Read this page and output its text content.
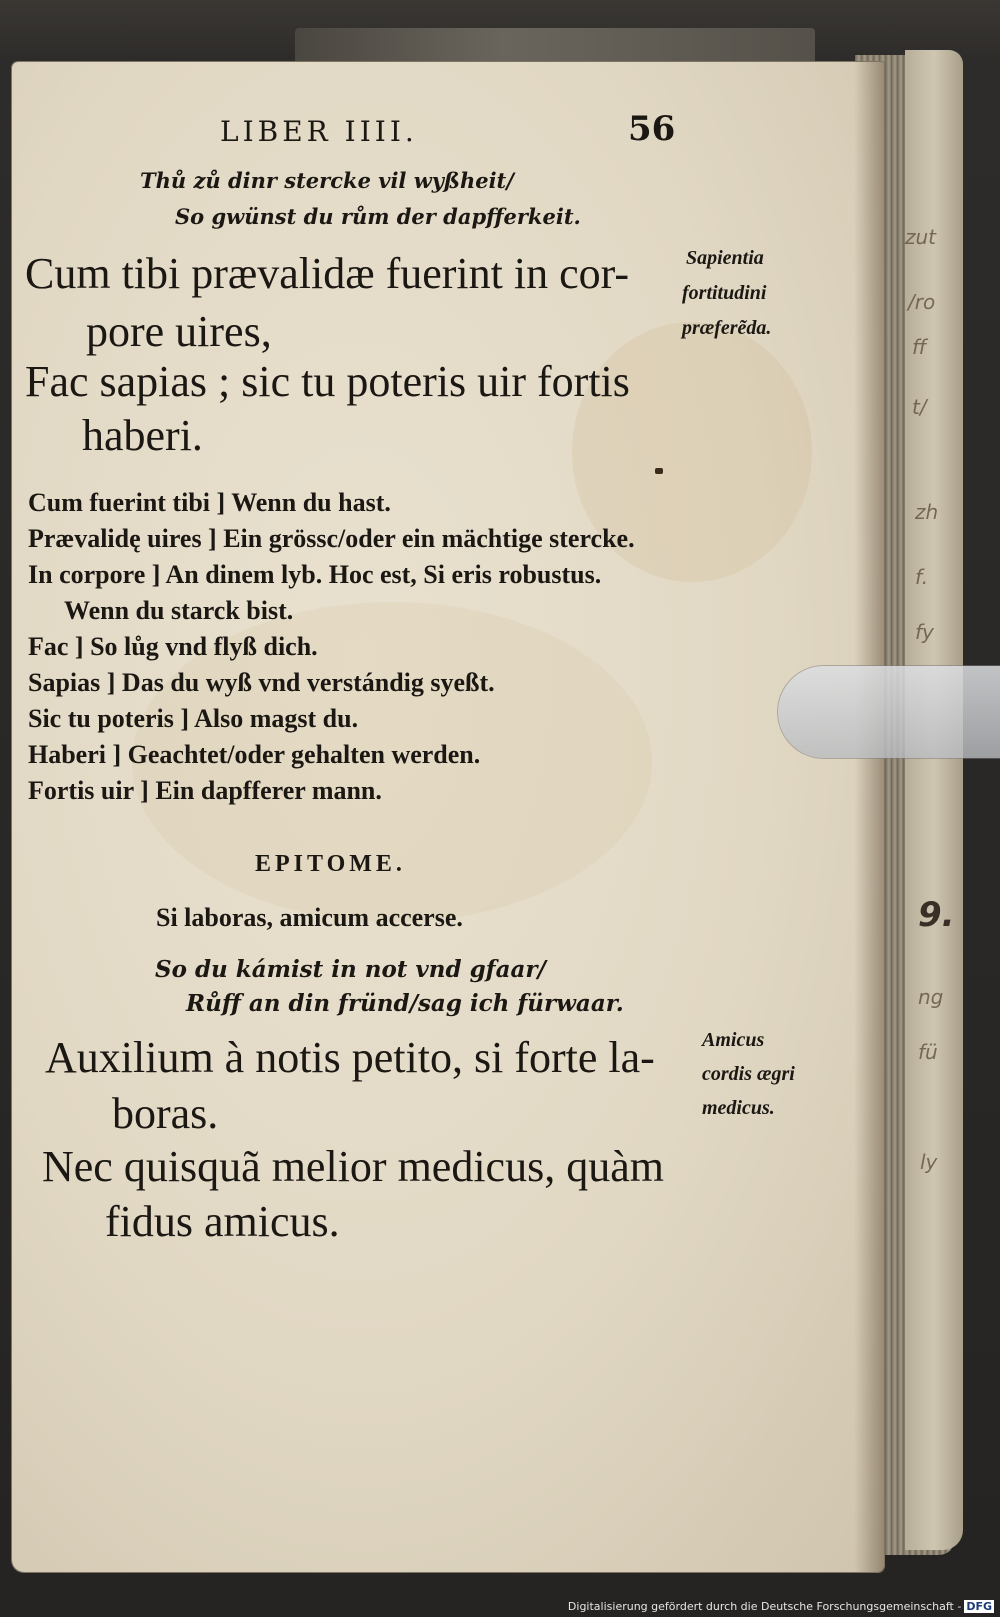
LIBER IIII.	56
Thů zů dinr stercke vil wyßheit/
So gwünst du rům der dapfferkeit.
Cum tibi prævalidæ fuerint in cor-
pore uires,
Fac sapias ; sic tu poteris uir fortis
haberi.
Sapientia
fortitudini
præferẽda.
Cum fuerint tibi ] Wenn du hast.
Prævalidę uires ] Ein grössc/oder ein mächtige stercke.
In corpore ] An dinem lyb. Hoc est, Si eris robustus.
Wenn du starck bist.
Fac ] So lůg vnd flyß dich.
Sapias ] Das du wyß vnd verstándig syeßt.
Sic tu poteris ] Also magst du.
Haberi ] Geachtet/oder gehalten werden.
Fortis uir ] Ein dapfferer mann.
EPITOME.
Si laboras, amicum accerse.
So du kámist in not vnd gfaar/
Růff an din fründ/sag ich fürwaar.
Auxilium à notis petito, si forte la-
boras.
Nec quisquã melior medicus, quàm
fidus amicus.
Amicus
cordis ægri
medicus.
zut
/ro
ff
t/
zh
f.
fy
9.
ng
fü
ly
Digitalisierung gefördert durch die Deutsche Forschungsgemeinschaft - DFG
